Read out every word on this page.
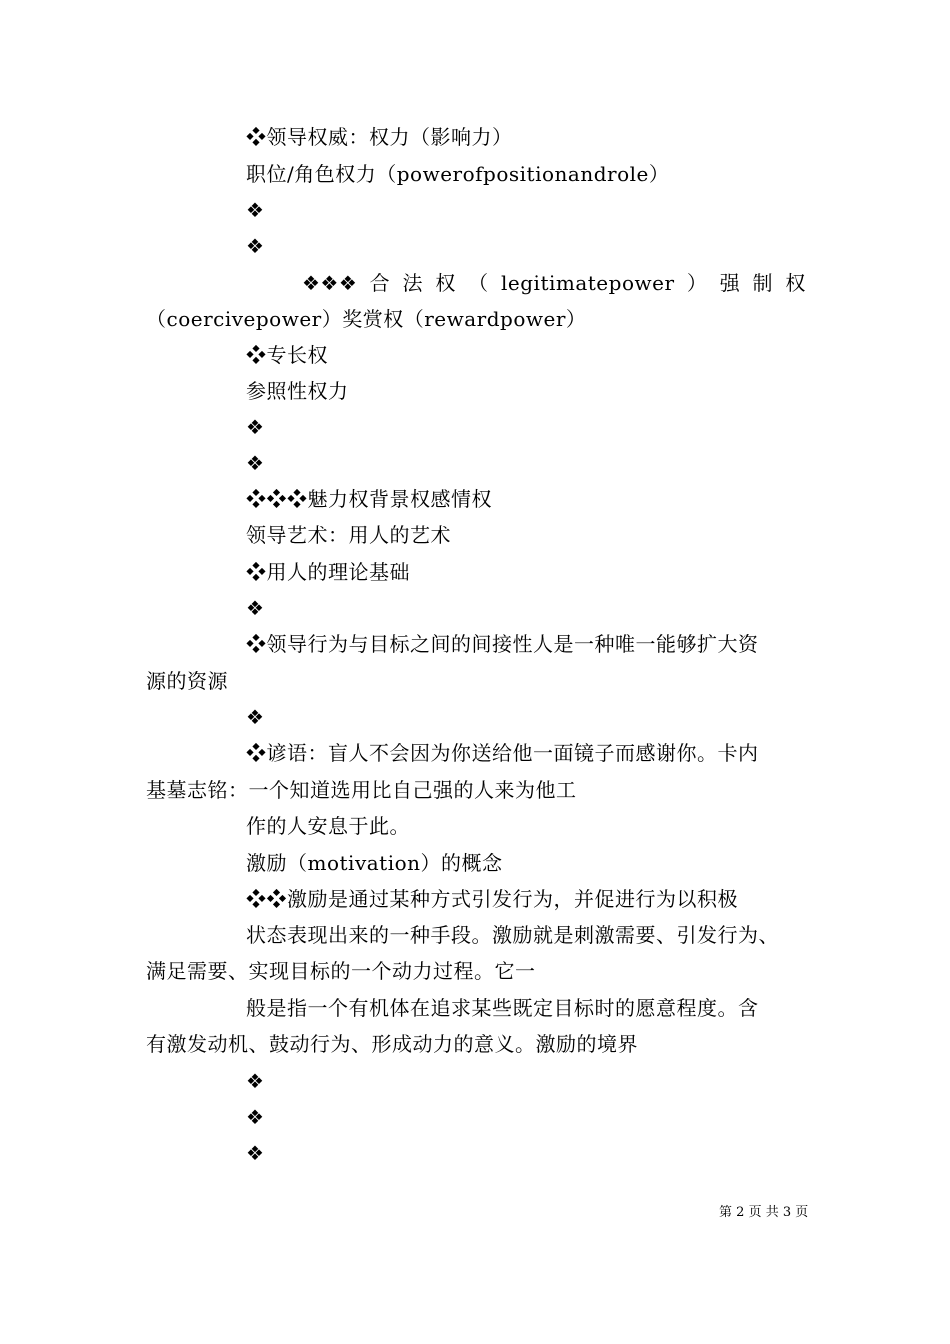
❖领导权威：权力（影响力）
职位/角色权力（powerofpositionandrole）
❖
❖
❖❖❖ 合 法 权 （ legitimatepower ） 强 制 权
（coercivepower）奖赏权（rewardpower）
❖专长权
参照性权力
❖
❖
❖❖❖魅力权背景权感情权
领导艺术：用人的艺术
❖用人的理论基础
❖
❖领导行为与目标之间的间接性人是一种唯一能够扩大资
源的资源
❖
❖谚语：盲人不会因为你送给他一面镜子而感谢你。卡内
基墓志铭：一个知道选用比自己强的人来为他工
作的人安息于此。
激励（motivation）的概念
❖❖激励是通过某种方式引发行为，并促进行为以积极
状态表现出来的一种手段。激励就是刺激需要、引发行为、
满足需要、实现目标的一个动力过程。它一
般是指一个有机体在追求某些既定目标时的愿意程度。含
有激发动机、鼓动行为、形成动力的意义。激励的境界
❖
❖
❖
第 2 页 共 3 页
